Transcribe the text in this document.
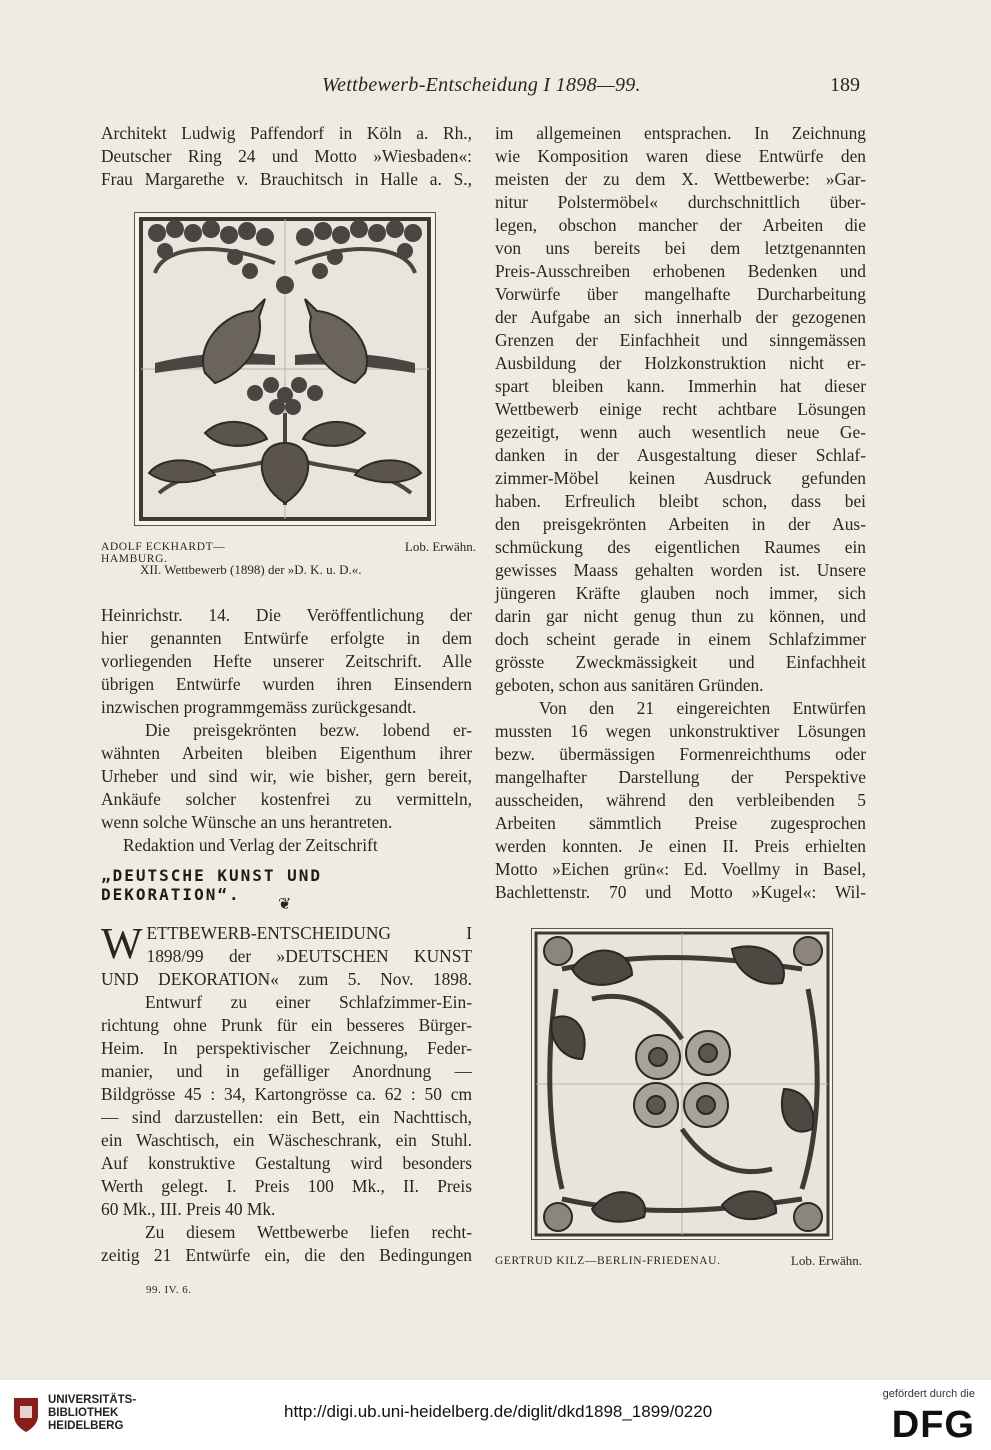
Wettbewerb-Entscheidung I 1898—99.	189
Architekt Ludwig Paffendorf in Köln a. Rh.,
Deutscher Ring 24 und Motto »Wiesbaden«:
Frau Margarethe v. Brauchitsch in Halle a. S.,
ADOLF ECKHARDT—HAMBURG.
Lob. Erwähn.
XII. Wettbewerb (1898) der »D. K. u. D.«.
Heinrichstr. 14. Die Veröffentlichung der
hier genannten Entwürfe erfolgte in dem
vorliegenden Hefte unserer Zeitschrift. Alle
übrigen Entwürfe wurden ihren Einsendern
inzwischen programmgemäss zurückgesandt.
Die preisgekrönten bezw. lobend er-
wähnten Arbeiten bleiben Eigenthum ihrer
Urheber und sind wir, wie bisher, gern bereit,
Ankäufe solcher kostenfrei zu vermitteln,
wenn solche Wünsche an uns herantreten.
Redaktion und Verlag der Zeitschrift
„DEUTSCHE KUNST UND DEKORATION“.
❦
W ETTBEWERB-ENTSCHEIDUNG I
1898/99 der »DEUTSCHEN KUNST
UND DEKORATION« zum 5. Nov. 1898.
Entwurf zu einer Schlafzimmer-Ein-
richtung ohne Prunk für ein besseres Bürger-
Heim. In perspektivischer Zeichnung, Feder-
manier, und in gefälliger Anordnung —
Bildgrösse 45 : 34, Kartongrösse ca. 62 : 50 cm
— sind darzustellen: ein Bett, ein Nachttisch,
ein Waschtisch, ein Wäscheschrank, ein Stuhl.
Auf konstruktive Gestaltung wird besonders
Werth gelegt. I. Preis 100 Mk., II. Preis
60 Mk., III. Preis 40 Mk.
Zu diesem Wettbewerbe liefen recht-
zeitig 21 Entwürfe ein, die den Bedingungen
99. IV. 6.
im allgemeinen entsprachen. In Zeichnung
wie Komposition waren diese Entwürfe den
meisten der zu dem X. Wettbewerbe: »Gar-
nitur Polstermöbel« durchschnittlich über-
legen, obschon mancher der Arbeiten die
von uns bereits bei dem letztgenannten
Preis-Ausschreiben erhobenen Bedenken und
Vorwürfe über mangelhafte Durcharbeitung
der Aufgabe an sich innerhalb der gezogenen
Grenzen der Einfachheit und sinngemässen
Ausbildung der Holzkonstruktion nicht er-
spart bleiben kann. Immerhin hat dieser
Wettbewerb einige recht achtbare Lösungen
gezeitigt, wenn auch wesentlich neue Ge-
danken in der Ausgestaltung dieser Schlaf-
zimmer-Möbel keinen Ausdruck gefunden
haben. Erfreulich bleibt schon, dass bei
den preisgekrönten Arbeiten in der Aus-
schmückung des eigentlichen Raumes ein
gewisses Maass gehalten worden ist. Unsere
jüngeren Kräfte glauben noch immer, sich
darin gar nicht genug thun zu können, und
doch scheint gerade in einem Schlafzimmer
grösste Zweckmässigkeit und Einfachheit
geboten, schon aus sanitären Gründen.
Von den 21 eingereichten Entwürfen
mussten 16 wegen unkonstruktiver Lösungen
bezw. übermässigen Formenreichthums oder
mangelhafter Darstellung der Perspektive
ausscheiden, während den verbleibenden 5
Arbeiten sämmtlich Preise zugesprochen
werden konnten. Je einen II. Preis erhielten
Motto »Eichen grün«: Ed. Voellmy in Basel,
Bachlettenstr. 70 und Motto »Kugel«: Wil-
GERTRUD KILZ—BERLIN-FRIEDENAU.	Lob. Erwähn.
UNIVERSITÄTS-
BIBLIOTHEK
HEIDELBERG
http://digi.ub.uni-heidelberg.de/diglit/dkd1898_1899/0220
gefördert durch die
DFG
